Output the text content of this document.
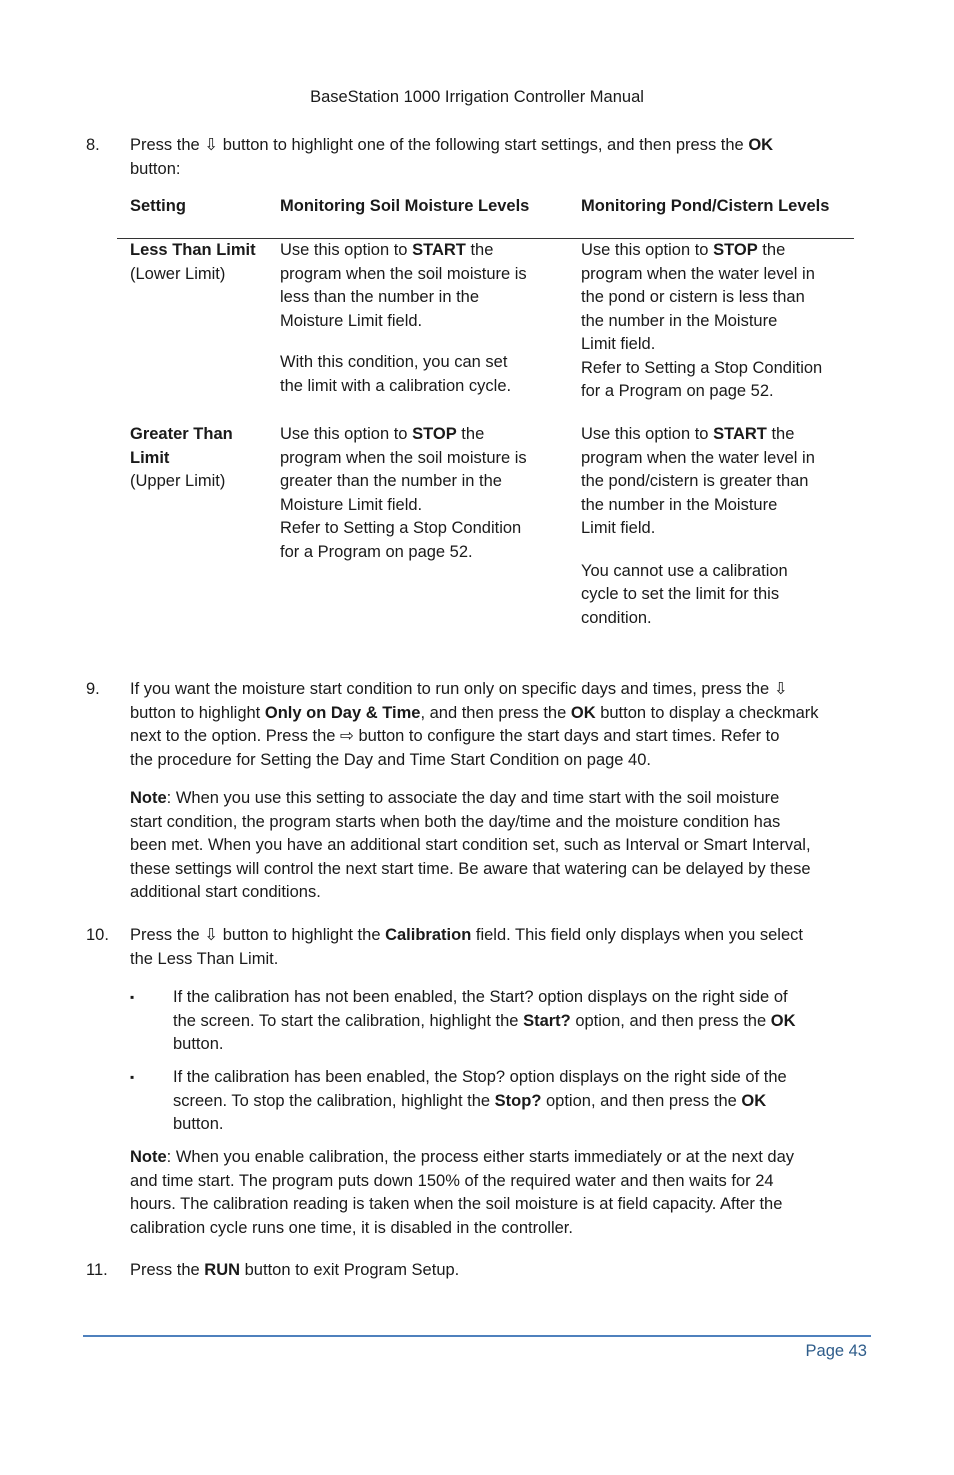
BaseStation 1000 Irrigation Controller Manual
8. Press the ⇩ button to highlight one of the following start settings, and then press the OK
button:
Setting	Monitoring Soil Moisture Levels	Monitoring Pond/Cistern Levels

Less Than Limit

(Lower Limit)

Use this option to START the

program when the soil moisture is

less than the number in the

Moisture Limit field.

With this condition, you can set

the limit with a calibration cycle.

Use this option to STOP the

program when the water level in

the pond or cistern is less than

the number in the Moisture

Limit field.

Refer to Setting a Stop Condition

for a Program on page 52.

Greater Than

Limit

(Upper Limit)

Use this option to STOP the

program when the soil moisture is

greater than the number in the

Moisture Limit field.

Refer to Setting a Stop Condition

for a Program on page 52.

Use this option to START the

program when the water level in

the pond/cistern is greater than

the number in the Moisture

Limit field.

You cannot use a calibration

cycle to set the limit for this

condition.

9. If you want the moisture start condition to run only on specific days and times, press the ⇩
button to highlight Only on Day & Time, and then press the OK button to display a checkmark
next to the option. Press the ⇨ button to configure the start days and start times. Refer to
the procedure for Setting the Day and Time Start Condition on page 40.
Note: When you use this setting to associate the day and time start with the soil moisture
start condition, the program starts when both the day/time and the moisture condition has
been met. When you have an additional start condition set, such as Interval or Smart Interval,
these settings will control the next start time. Be aware that watering can be delayed by these
additional start conditions.
10. Press the ⇩ button to highlight the Calibration field. This field only displays when you select
the Less Than Limit.
▪ If the calibration has not been enabled, the Start? option displays on the right side of
the screen. To start the calibration, highlight the Start? option, and then press the OK
button.
▪ If the calibration has been enabled, the Stop? option displays on the right side of the
screen. To stop the calibration, highlight the Stop? option, and then press the OK
button.
Note: When you enable calibration, the process either starts immediately or at the next day
and time start. The program puts down 150% of the required water and then waits for 24
hours. The calibration reading is taken when the soil moisture is at field capacity. After the
calibration cycle runs one time, it is disabled in the controller.
11. Press the RUN button to exit Program Setup.
Page 43
